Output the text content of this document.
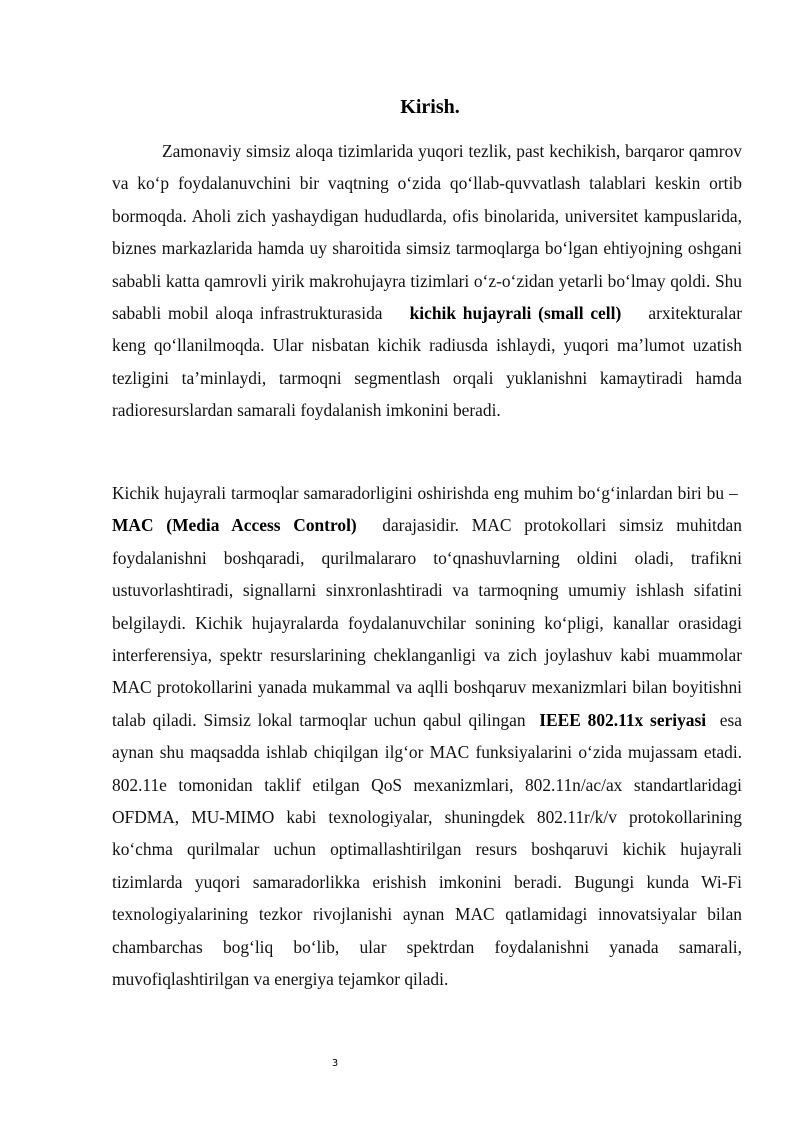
Kirish.

Zamonaviy simsiz aloqa tizimlarida yuqori tezlik, past kechikish, barqaror qamrov va ko‘p foydalanuvchini bir vaqtning o‘zida qo‘llab-quvvatlash talablari keskin ortib bormoqda. Aholi zich yashaydigan hududlarda, ofis binolarida, universitet kampuslarida, biznes markazlarida hamda uy sharoitida simsiz tarmoqlarga bo‘lgan ehtiyojning oshgani sababli katta qamrovli yirik makrohujayra tizimlari o‘z-o‘zidan yetarli bo‘lmay qoldi. Shu sababli mobil aloqa infrastrukturasida kichik hujayrali (small cell) arxitekturalar keng qo‘llanilmoqda. Ular nisbatan kichik radiusda ishlaydi, yuqori ma’lumot uzatish tezligini ta’minlaydi, tarmoqni segmentlash orqali yuklanishni kamaytiradi hamda radioresurslardan samarali foydalanish imkonini beradi.

Kichik hujayrali tarmoqlar samaradorligini oshirishda eng muhim bo‘g‘inlardan biri bu –  MAC (Media Access Control) darajasidir. MAC protokollari simsiz muhitdan foydalanishni boshqaradi, qurilmalararo to‘qnashuvlarning oldini oladi, trafikni ustuvorlashtiradi, signallarni sinxronlashtiradi va tarmoqning umumiy ishlash sifatini belgilaydi. Kichik hujayralarda foydalanuvchilar sonining ko‘pligi, kanallar orasidagi interferensiya, spektr resurslarining cheklanganligi va zich joylashuv kabi muammolar MAC protokollarini yanada mukammal va aqlli boshqaruv mexanizmlari bilan boyitishni talab qiladi. Simsiz lokal tarmoqlar uchun qabul qilingan IEEE 802.11x seriyasi esa aynan shu maqsadda ishlab chiqilgan ilg‘or MAC funksiyalarini o‘zida mujassam etadi. 802.11e tomonidan taklif etilgan QoS mexanizmlari, 802.11n/ac/ax standartlaridagi OFDMA, MU-MIMO kabi texnologiyalar, shuningdek 802.11r/k/v protokollarining ko‘chma qurilmalar uchun optimallashtirilgan resurs boshqaruvi kichik hujayrali tizimlarda yuqori samaradorlikka erishish imkonini beradi. Bugungi kunda Wi-Fi texnologiyalarining tezkor rivojlanishi aynan MAC qatlamidagi innovatsiyalar bilan chambarchas bog‘liq bo‘lib, ular spektrdan foydalanishni yanada samarali, muvofiqlashtirilgan va energiya tejamkor qiladi.

3
